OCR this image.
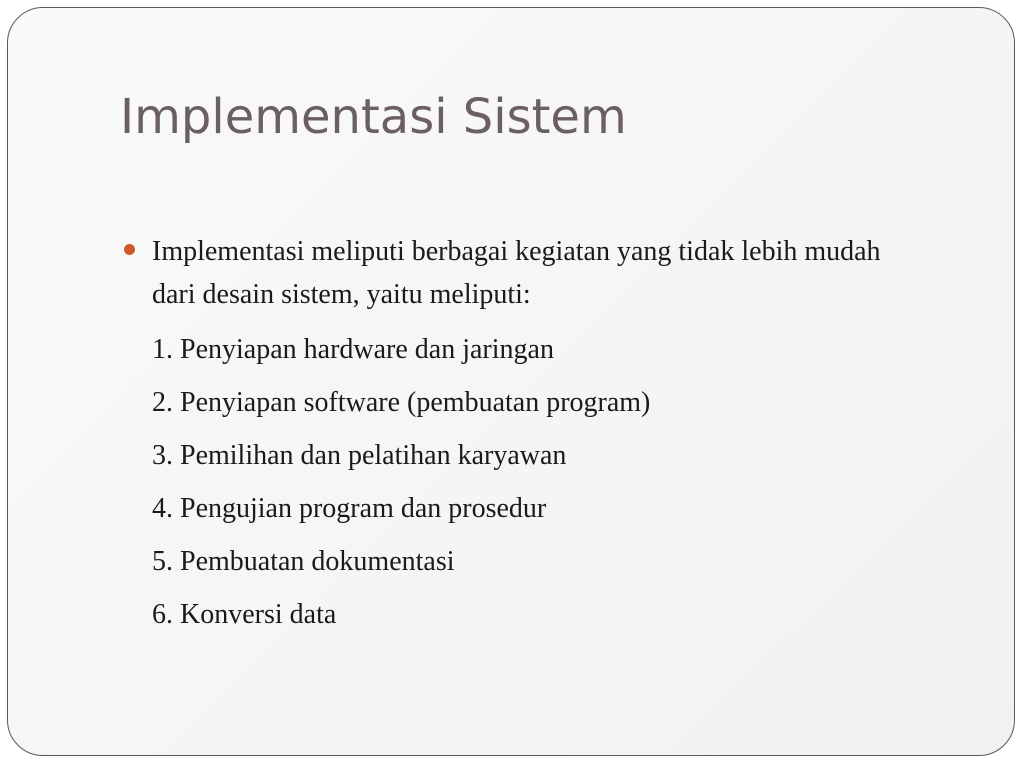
Implementasi Sistem

Implementasi meliputi berbagai kegiatan yang tidak lebih mudah dari desain sistem, yaitu meliputi:

1. Penyiapan hardware dan jaringan
2. Penyiapan software (pembuatan program)
3. Pemilihan dan pelatihan karyawan
4. Pengujian program dan prosedur
5. Pembuatan dokumentasi
6. Konversi data
